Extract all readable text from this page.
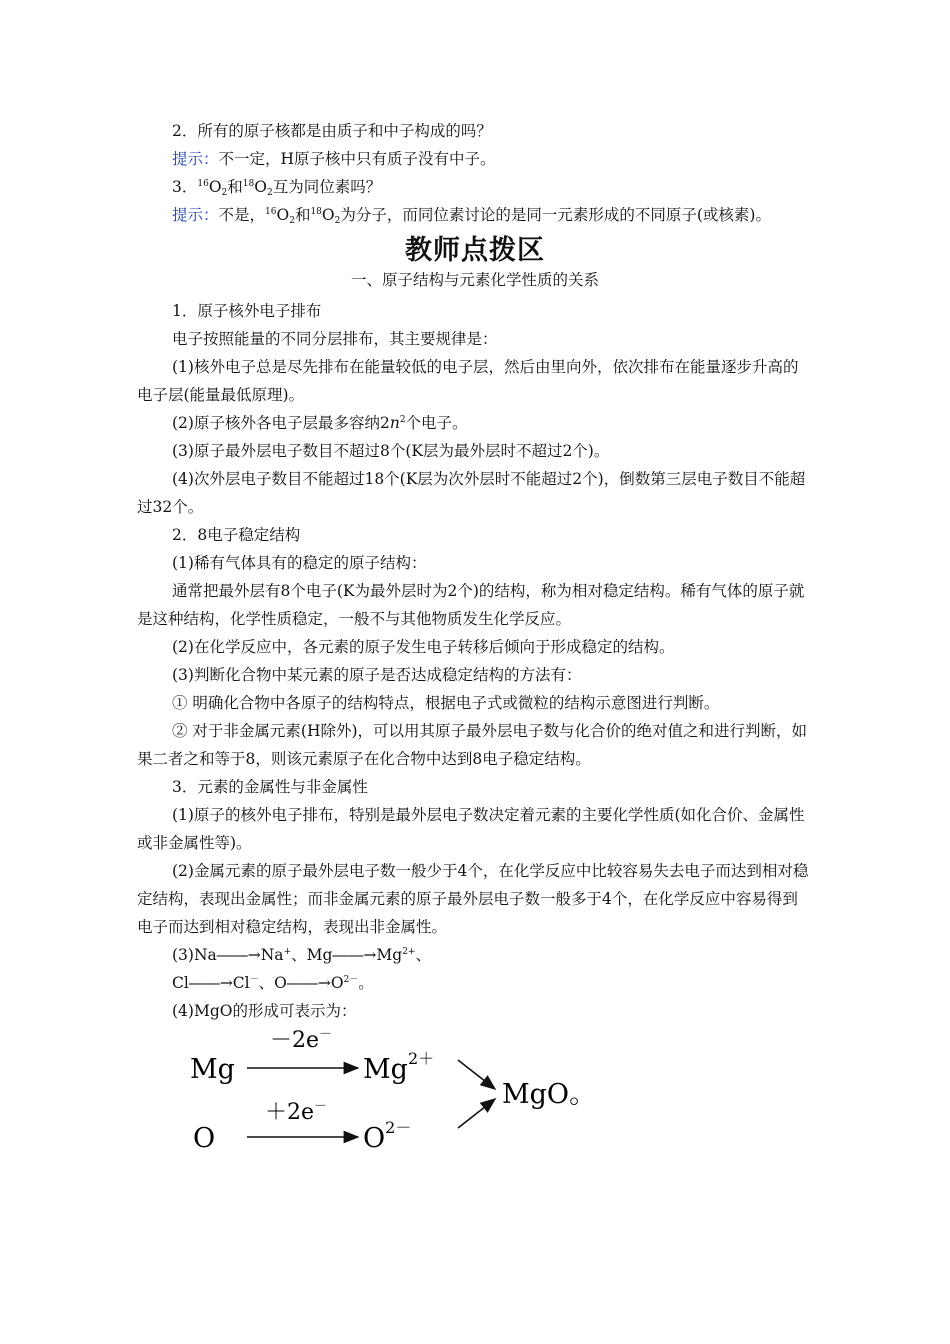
2．所有的原子核都是由质子和中子构成的吗？

提示：不一定，H原子核中只有质子没有中子。

3．$^{16}O_2$和$^{18}O_2$互为同位素吗？

提示：不是，$^{16}O_2$和$^{18}O_2$为分子，而同位素讨论的是同一元素形成的不同原子(或核素)。

教师点拨区
一、原子结构与元素化学性质的关系

1．原子核外电子排布

电子按照能量的不同分层排布，其主要规律是：

(1)核外电子总是尽先排布在能量较低的电子层，然后由里向外，依次排布在能量逐步升高的电子层(能量最低原理)。

(2)原子核外各电子层最多容纳$2n^2$个电子。

(3)原子最外层电子数目不超过8个(K层为最外层时不超过2个)。

(4)次外层电子数目不能超过18个(K层为次外层时不能超过2个)，倒数第三层电子数目不能超过32个。

2．8电子稳定结构

(1)稀有气体具有的稳定的原子结构：

通常把最外层有8个电子(K为最外层时为2个)的结构，称为相对稳定结构。稀有气体的原子就是这种结构，化学性质稳定，一般不与其他物质发生化学反应。

(2)在化学反应中，各元素的原子发生电子转移后倾向于形成稳定的结构。

(3)判断化合物中某元素的原子是否达成稳定结构的方法有：

① 明确化合物中各原子的结构特点，根据电子式或微粒的结构示意图进行判断。

② 对于非金属元素(H除外)，可以用其原子最外层电子数与化合价的绝对值之和进行判断，如果二者之和等于8，则该元素原子在化合物中达到8电子稳定结构。

3．元素的金属性与非金属性

(1)原子的核外电子排布，特别是最外层电子数决定着元素的主要化学性质(如化合价、金属性或非金属性等)。

(2)金属元素的原子最外层电子数一般少于4个，在化学反应中比较容易失去电子而达到相对稳定结构，表现出金属性；而非金属元素的原子最外层电子数一般多于4个，在化学反应中容易得到电子而达到相对稳定结构，表现出非金属性。

(3)Na――→Na+、$Mg――\to Mg^{2+}$、

Cl――→Cl－、$O――\to O^{2-}$。

(4)MgO的形成可表示为：

Mg
－2e－
$Mg^{2+}$
O
＋2e－
$O^{2-}$
MgO。
